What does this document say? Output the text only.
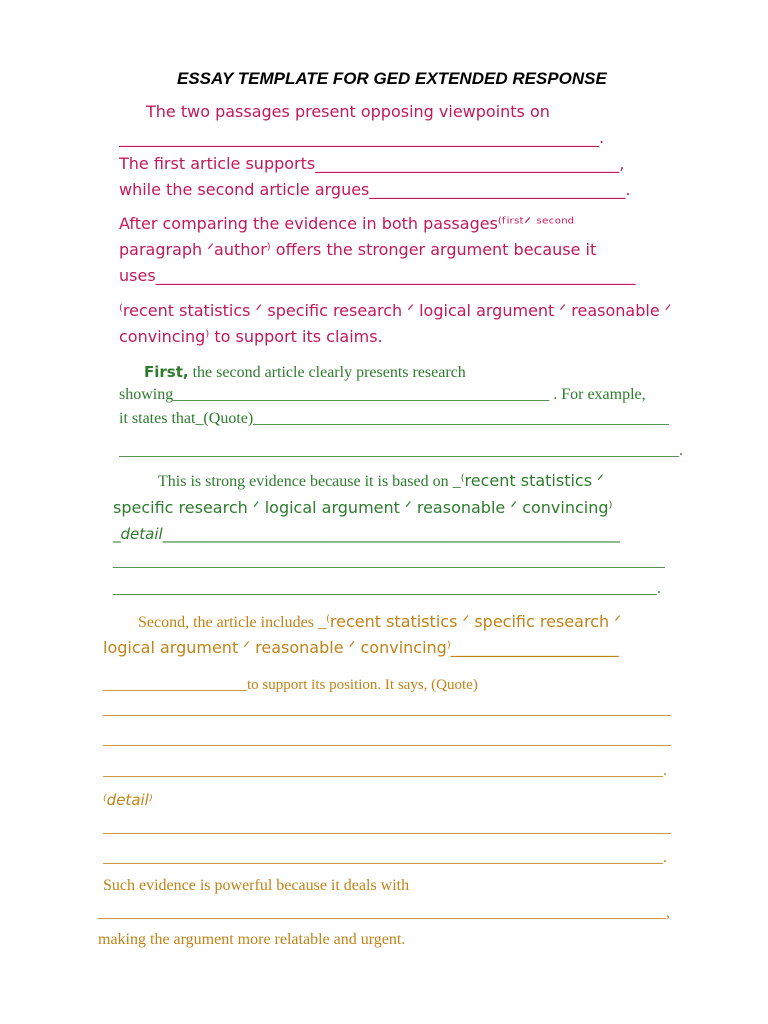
ESSAY TEMPLATE FOR GED EXTENDED RESPONSE
The two passages present opposing viewpoints on
____________________________________________________________.
The first article supports______________________________________,
while the second article argues________________________________.
After comparing the evidence in both passages⁽ᶠⁱʳˢᵗᐟ ˢᵉᶜᵒⁿᵈ
paragraph ᐟauthor⁾ offers the stronger argument because it
uses____________________________________________________________
⁽recent statistics ᐟ specific research ᐟ logical argument ᐟ reasonable ᐟ
convincing⁾ to support its claims.
First, the second article clearly presents research
showing_______________________________________________ . For example,
it states that_(Quote)____________________________________________________
______________________________________________________________________.
This is strong evidence because it is based on _⁽recent statistics ᐟ
specific research ᐟ logical argument ᐟ reasonable ᐟ convincing⁾
_detail_____________________________________________________________
_____________________________________________________________________
____________________________________________________________________.
Second, the article includes _⁽recent statistics ᐟ specific research ᐟ
logical argument ᐟ reasonable ᐟ convincing⁾_____________________
__________________to support its position. It says, (Quote)
_______________________________________________________________________
_______________________________________________________________________
______________________________________________________________________.
⁽detail⁾
_______________________________________________________________________
______________________________________________________________________.
Such evidence is powerful because it deals with
_______________________________________________________________________,
making the argument more relatable and urgent.
